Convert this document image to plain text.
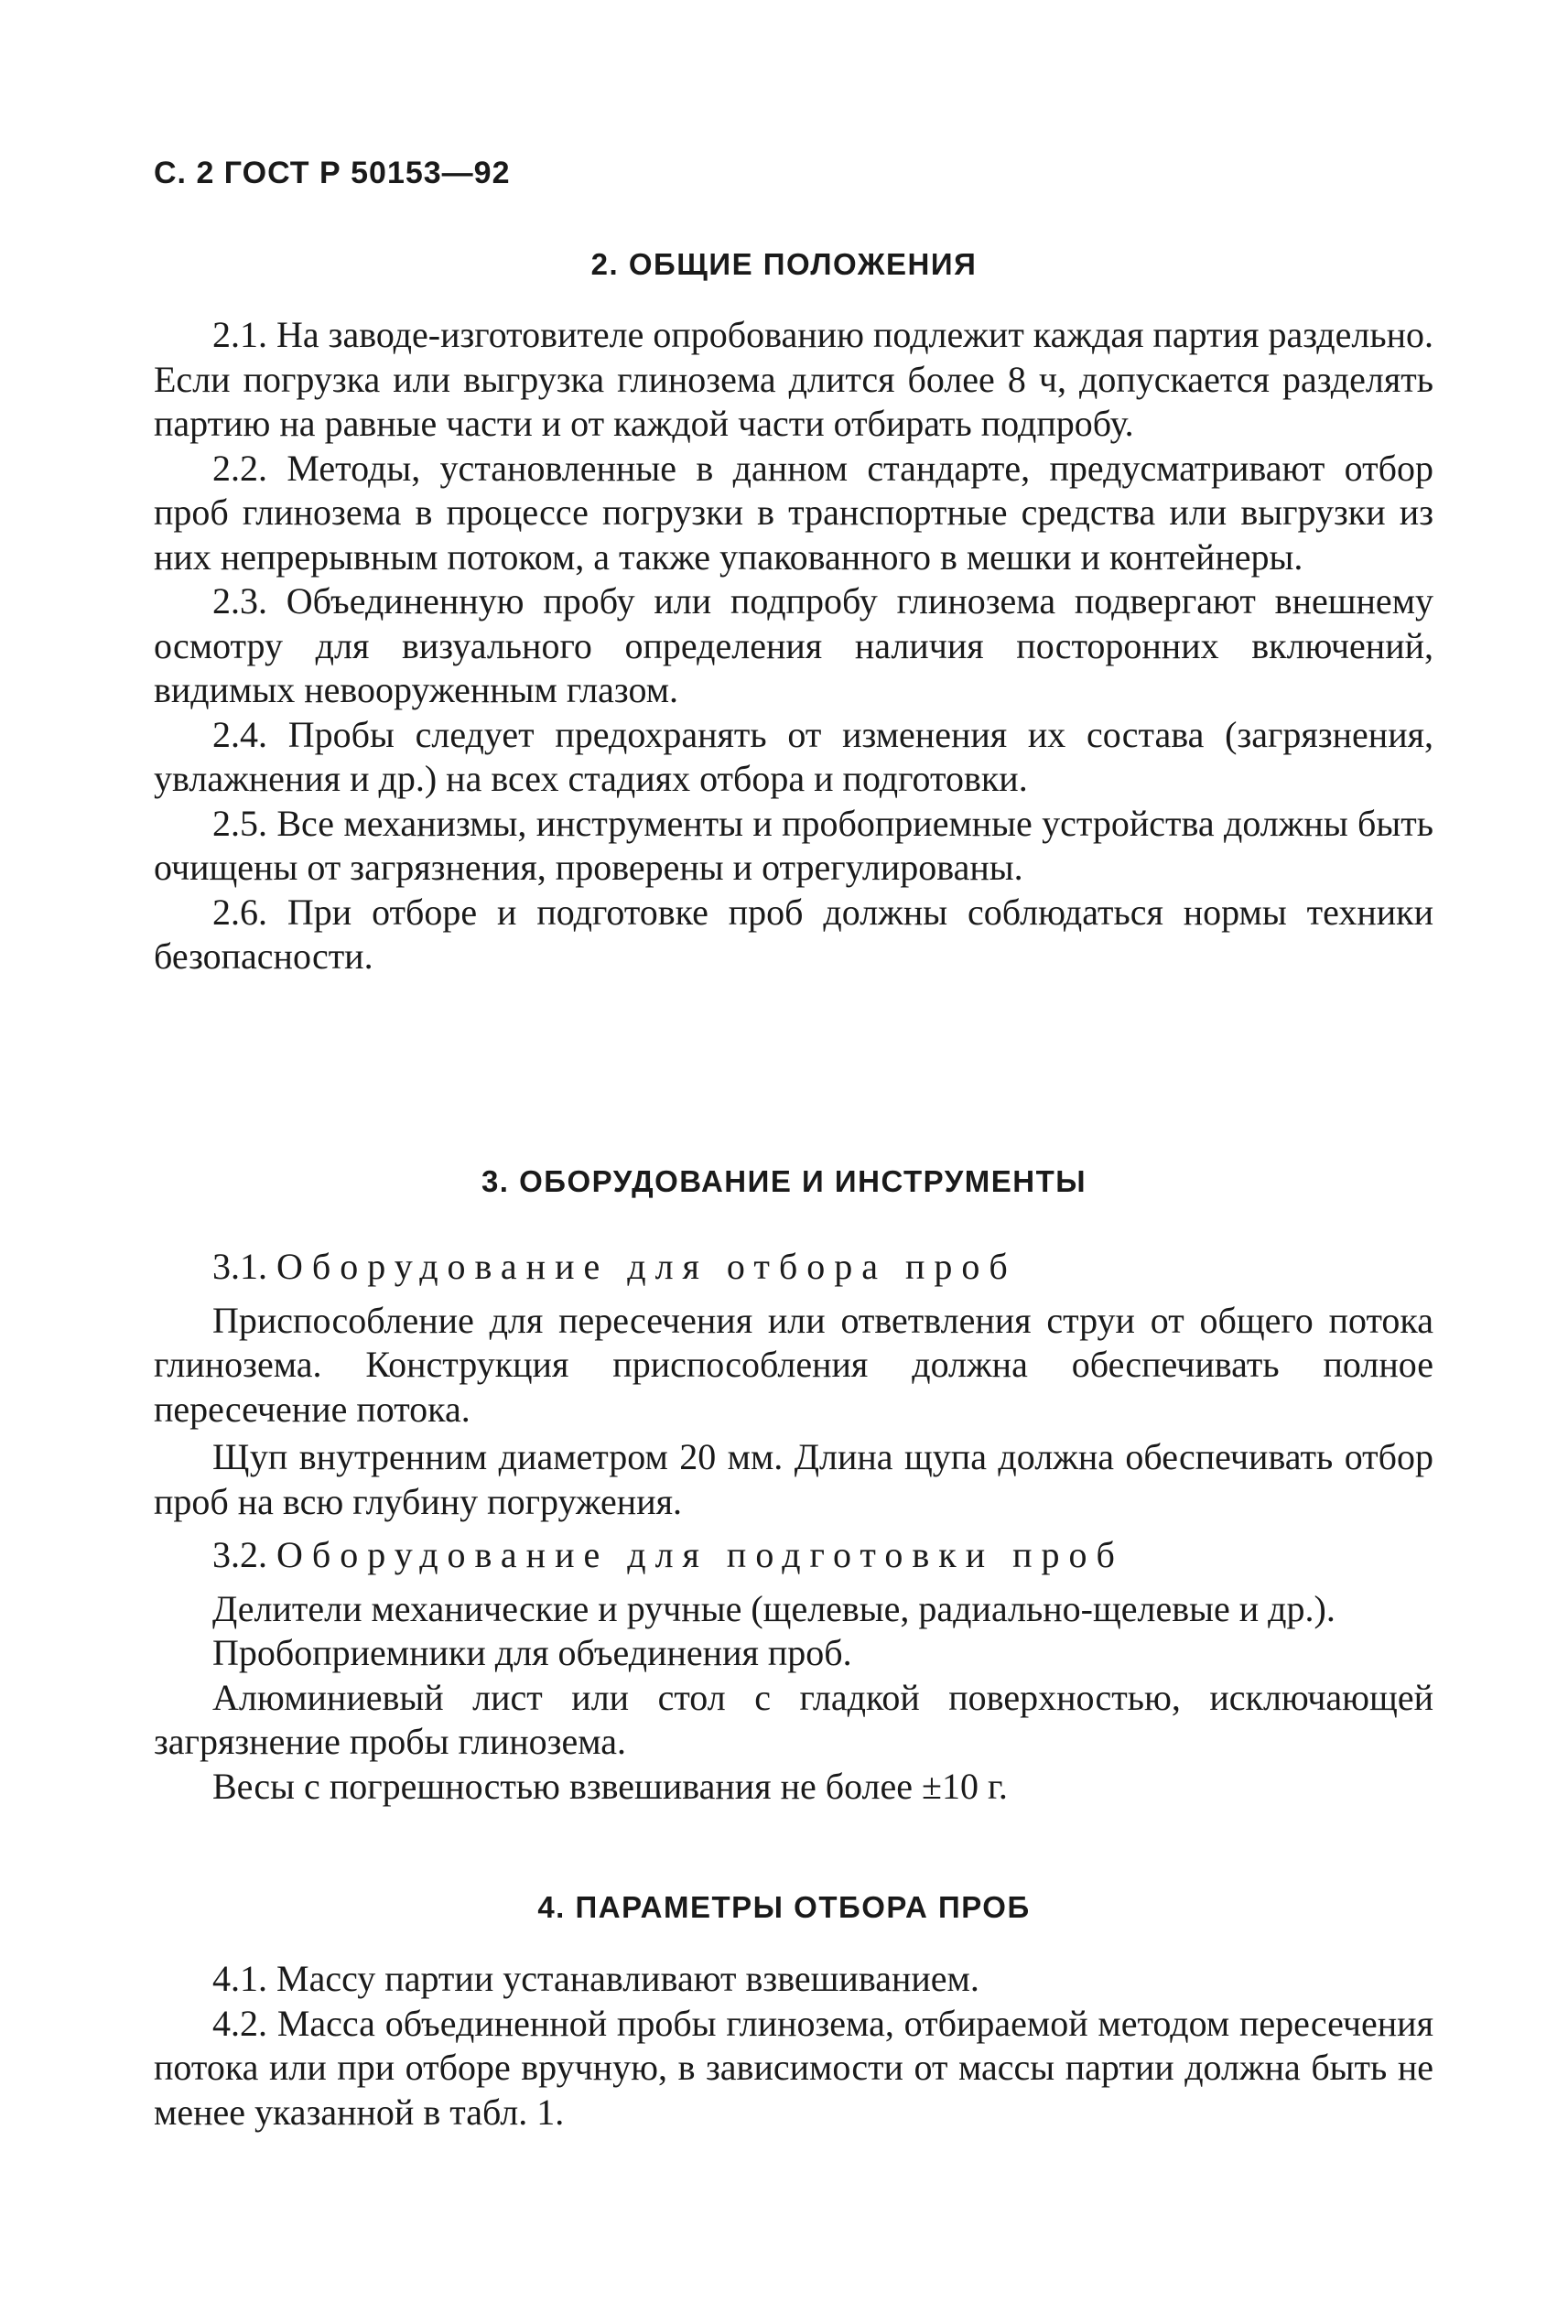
С. 2 ГОСТ Р 50153—92

2. ОБЩИЕ ПОЛОЖЕНИЯ

2.1. На заводе-изготовителе опробованию подлежит каждая партия раздельно. Если погрузка или выгрузка глинозема длится более 8 ч, допускается разделять партию на равные части и от каждой части отбирать подпробу.

2.2. Методы, установленные в данном стандарте, предусматривают отбор проб глинозема в процессе погрузки в транспортные средства или выгрузки из них непрерывным потоком, а также упакованного в мешки и контейнеры.

2.3. Объединенную пробу или подпробу глинозема подвергают внешнему осмотру для визуального определения наличия посторонних включений, видимых невооруженным глазом.

2.4. Пробы следует предохранять от изменения их состава (загрязнения, увлажнения и др.) на всех стадиях отбора и подготовки.

2.5. Все механизмы, инструменты и пробоприемные устройства должны быть очищены от загрязнения, проверены и отрегулированы.

2.6. При отборе и подготовке проб должны соблюдаться нормы техники безопасности.

3. ОБОРУДОВАНИЕ И ИНСТРУМЕНТЫ

3.1. Оборудование для отбора проб

Приспособление для пересечения или ответвления струи от общего потока глинозема. Конструкция приспособления должна обеспечивать полное пересечение потока.

Щуп внутренним диаметром 20 мм. Длина щупа должна обеспечивать отбор проб на всю глубину погружения.

3.2. Оборудование для подготовки проб

Делители механические и ручные (щелевые, радиально-щелевые и др.).

Пробоприемники для объединения проб.

Алюминиевый лист или стол с гладкой поверхностью, исключающей загрязнение пробы глинозема.

Весы с погрешностью взвешивания не более ±10 г.

4. ПАРАМЕТРЫ ОТБОРА ПРОБ

4.1. Массу партии устанавливают взвешиванием.

4.2. Масса объединенной пробы глинозема, отбираемой методом пересечения потока или при отборе вручную, в зависимости от массы партии должна быть не менее указанной в табл. 1.
